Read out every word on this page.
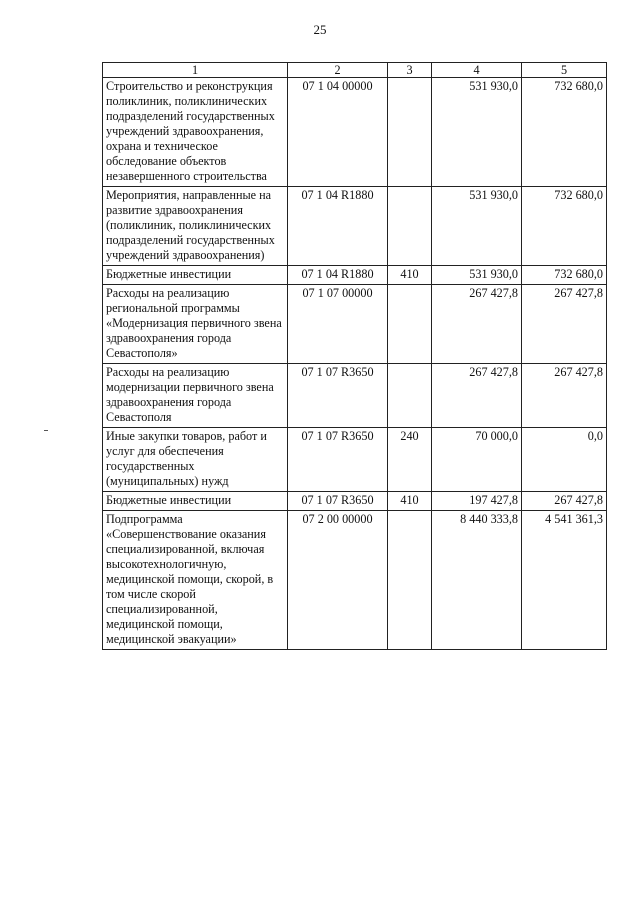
25
1	2	3	4	5
Строительство и реконструкция поликлиник, поликлинических подразделений государственных учреждений здравоохранения, охрана и техническое обследование объектов незавершенного строительства	07 1 04 00000		531 930,0	732 680,0
Мероприятия, направленные на развитие здравоохранения (поликлиник, поликлинических подразделений государственных учреждений здравоохранения)	07 1 04 R1880		531 930,0	732 680,0
Бюджетные инвестиции	07 1 04 R1880	410	531 930,0	732 680,0
Расходы на реализацию региональной программы «Модернизация первичного звена здравоохранения города Севастополя»	07 1 07 00000		267 427,8	267 427,8
Расходы на реализацию модернизации первичного звена здравоохранения города Севастополя	07 1 07 R3650		267 427,8	267 427,8
Иные закупки товаров, работ и услуг для обеспечения государственных (муниципальных) нужд	07 1 07 R3650	240	70 000,0	0,0
Бюджетные инвестиции	07 1 07 R3650	410	197 427,8	267 427,8
Подпрограмма «Совершенствование оказания специализированной, включая высокотехнологичную, медицинской помощи, скорой, в том числе скорой специализированной, медицинской помощи, медицинской эвакуации»	07 2 00 00000		8 440 333,8	4 541 361,3
